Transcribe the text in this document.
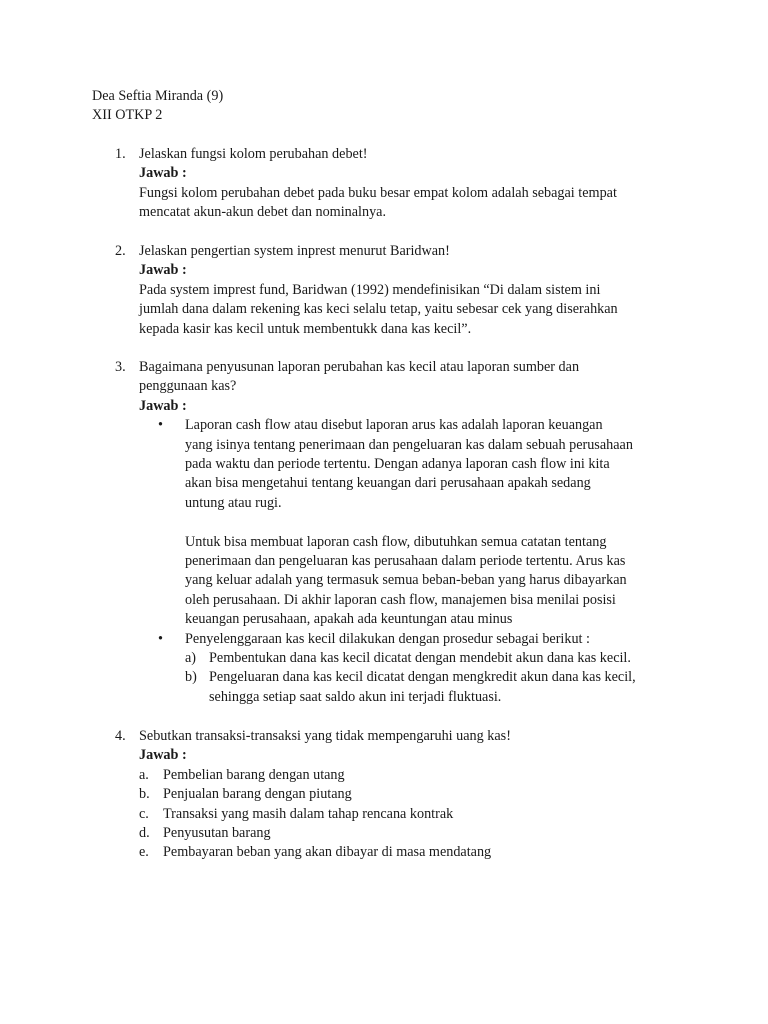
Dea Seftia Miranda (9)
XII OTKP 2
1. Jelaskan fungsi kolom perubahan debet!
Jawab :
Fungsi kolom perubahan debet pada buku besar empat kolom adalah sebagai tempat
mencatat akun-akun debet dan nominalnya.
2. Jelaskan pengertian system inprest menurut Baridwan!
Jawab :
Pada system imprest fund, Baridwan (1992) mendefinisikan “Di dalam sistem ini
jumlah dana dalam rekening kas keci selalu tetap, yaitu sebesar cek yang diserahkan
kepada kasir kas kecil untuk membentukk dana kas kecil”.
3. Bagaimana penyusunan laporan perubahan kas kecil atau laporan sumber dan
penggunaan kas?
Jawab :
• Laporan cash flow atau disebut laporan arus kas adalah laporan keuangan
yang isinya tentang penerimaan dan pengeluaran kas dalam sebuah perusahaan
pada waktu dan periode tertentu. Dengan adanya laporan cash flow ini kita
akan bisa mengetahui tentang keuangan dari perusahaan apakah sedang
untung atau rugi.
Untuk bisa membuat laporan cash flow, dibutuhkan semua catatan tentang
penerimaan dan pengeluaran kas perusahaan dalam periode tertentu. Arus kas
yang keluar adalah yang termasuk semua beban-beban yang harus dibayarkan
oleh perusahaan. Di akhir laporan cash flow, manajemen bisa menilai posisi
keuangan perusahaan, apakah ada keuntungan atau minus
• Penyelenggaraan kas kecil dilakukan dengan prosedur sebagai berikut :
a) Pembentukan dana kas kecil dicatat dengan mendebit akun dana kas kecil.
b) Pengeluaran dana kas kecil dicatat dengan mengkredit akun dana kas kecil,
sehingga setiap saat saldo akun ini terjadi fluktuasi.
4. Sebutkan transaksi-transaksi yang tidak mempengaruhi uang kas!
Jawab :
a. Pembelian barang dengan utang
b. Penjualan barang dengan piutang
c. Transaksi yang masih dalam tahap rencana kontrak
d. Penyusutan barang
e. Pembayaran beban yang akan dibayar di masa mendatang
